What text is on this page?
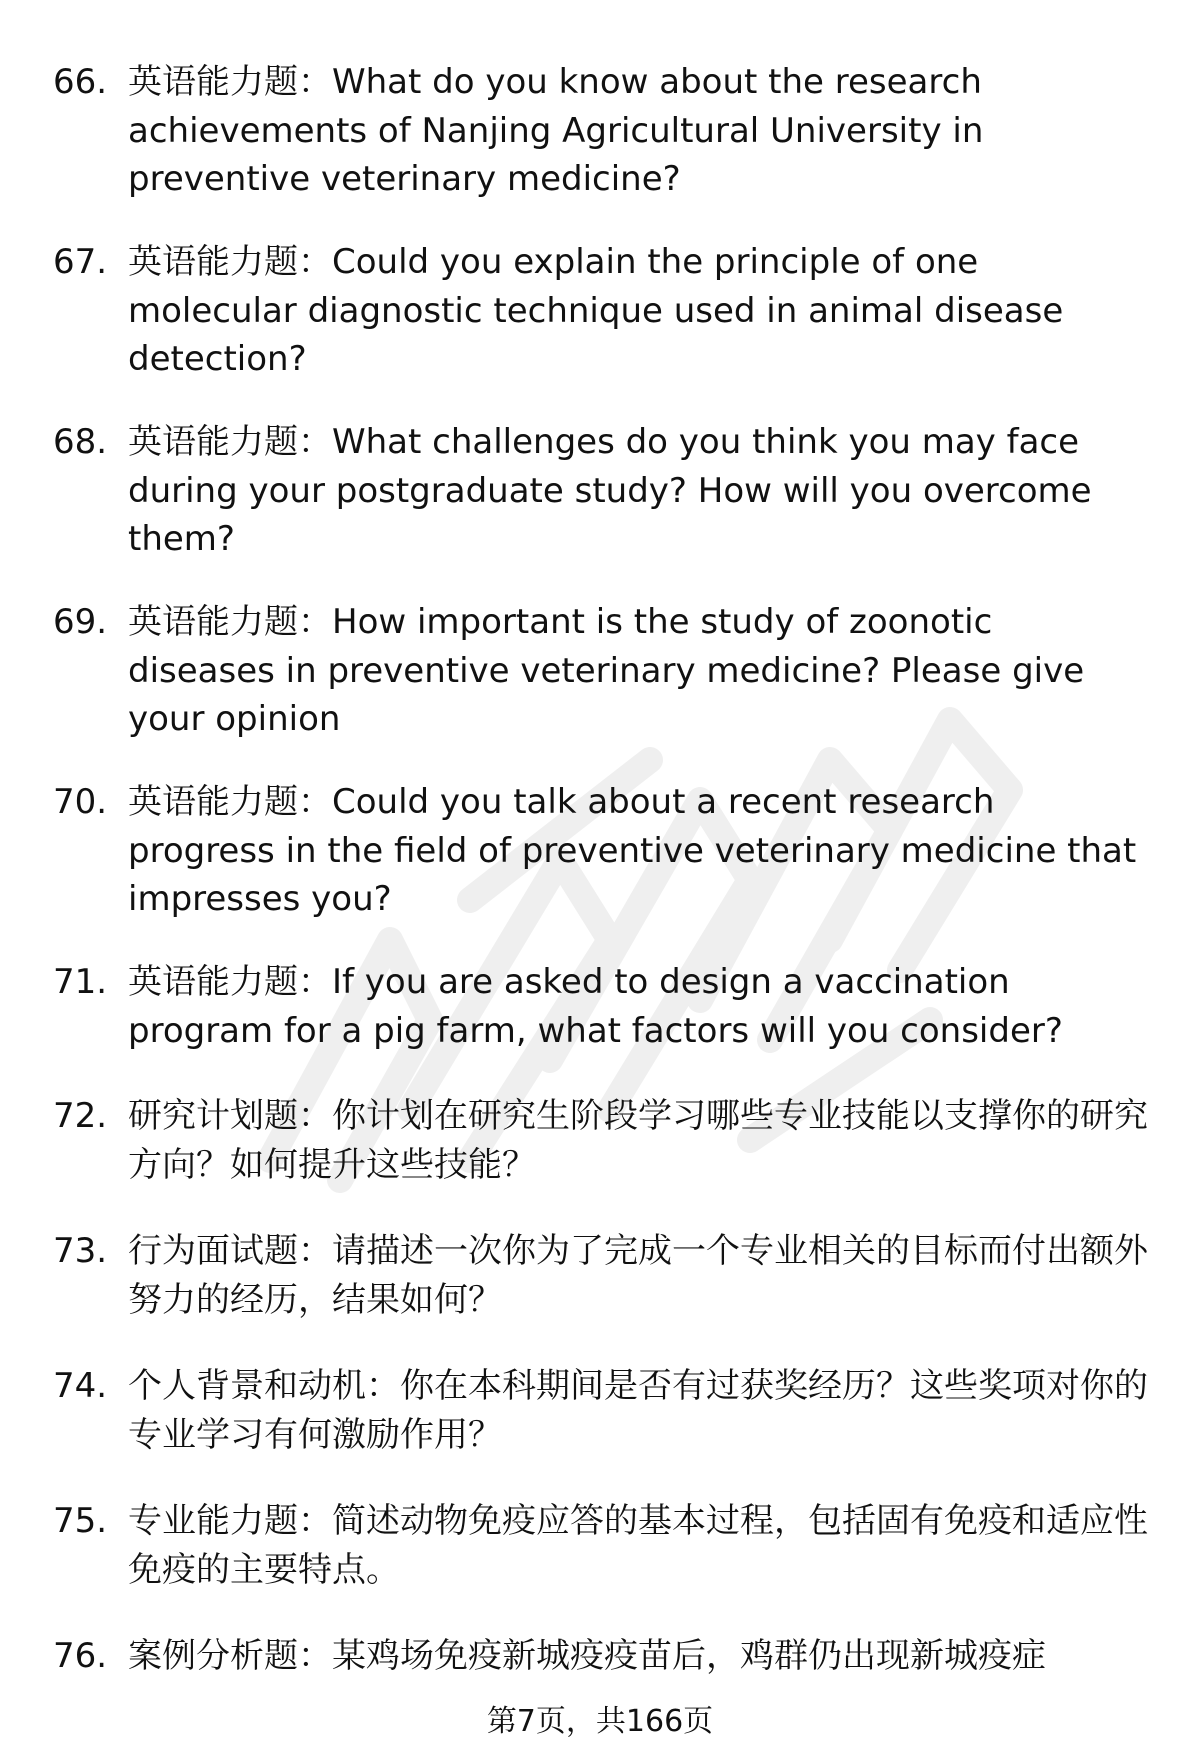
66. 英语能力题：What do you know about the research achievements of Nanjing Agricultural University in preventive veterinary medicine?
67. 英语能力题：Could you explain the principle of one molecular diagnostic technique used in animal disease detection?
68. 英语能力题：What challenges do you think you may face during your postgraduate study? How will you overcome them?
69. 英语能力题：How important is the study of zoonotic diseases in preventive veterinary medicine? Please give your opinion
70. 英语能力题：Could you talk about a recent research progress in the field of preventive veterinary medicine that impresses you?
71. 英语能力题：If you are asked to design a vaccination program for a pig farm, what factors will you consider?
72. 研究计划题：你计划在研究生阶段学习哪些专业技能以支撑你的研究方向？如何提升这些技能？
73. 行为面试题：请描述一次你为了完成一个专业相关的目标而付出额外努力的经历，结果如何？
74. 个人背景和动机：你在本科期间是否有过获奖经历？这些奖项对你的专业学习有何激励作用？
75. 专业能力题：简述动物免疫应答的基本过程，包括固有免疫和适应性免疫的主要特点。
76. 案例分析题：某鸡场免疫新城疫疫苗后，鸡群仍出现新城疫症
第7页，共166页
